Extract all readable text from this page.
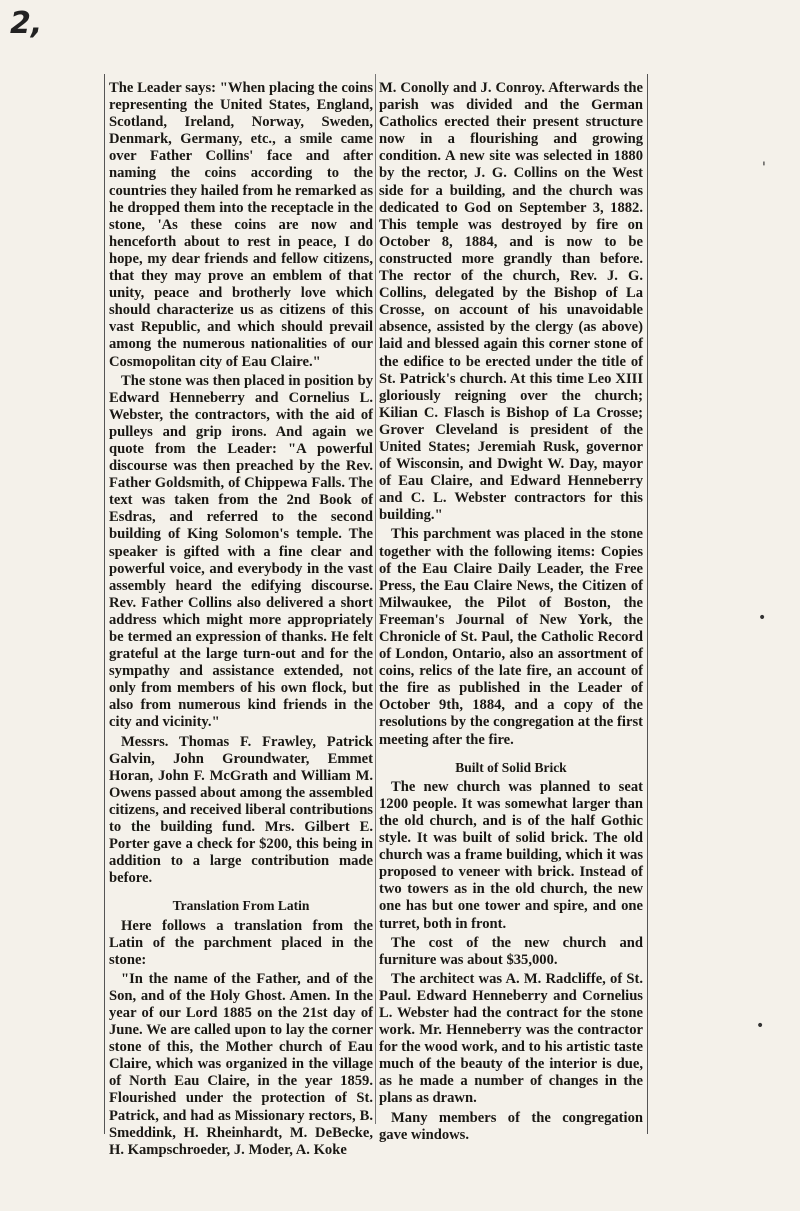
2,

The Leader says: "When placing the coins representing the United States, England, Scotland, Ireland, Norway, Sweden, Denmark, Germany, etc., a smile came over Father Collins' face and after naming the coins according to the countries they hailed from he remarked as he dropped them into the receptacle in the stone, 'As these coins are now and henceforth about to rest in peace, I do hope, my dear friends and fellow citizens, that they may prove an emblem of that unity, peace and brotherly love which should characterize us as citizens of this vast Republic, and which should prevail among the numerous nationalities of our Cosmopolitan city of Eau Claire."

The stone was then placed in position by Edward Henneberry and Cornelius L. Webster, the contractors, with the aid of pulleys and grip irons. And again we quote from the Leader: "A powerful discourse was then preached by the Rev. Father Goldsmith, of Chippewa Falls. The text was taken from the 2nd Book of Esdras, and referred to the second building of King Solomon's temple. The speaker is gifted with a fine clear and powerful voice, and everybody in the vast assembly heard the edifying discourse. Rev. Father Collins also delivered a short address which might more appropriately be termed an expression of thanks. He felt grateful at the large turn-out and for the sympathy and assistance extended, not only from members of his own flock, but also from numerous kind friends in the city and vicinity."

Messrs. Thomas F. Frawley, Patrick Galvin, John Groundwater, Emmet Horan, John F. McGrath and William M. Owens passed about among the assembled citizens, and received liberal contributions to the building fund. Mrs. Gilbert E. Porter gave a check for $200, this being in addition to a large contribution made before.

Translation From Latin

Here follows a translation from the Latin of the parchment placed in the stone:

"In the name of the Father, and of the Son, and of the Holy Ghost. Amen. In the year of our Lord 1885 on the 21st day of June. We are called upon to lay the corner stone of this, the Mother church of Eau Claire, which was organized in the village of North Eau Claire, in the year 1859. Flourished under the protection of St. Patrick, and had as Missionary rectors, B. Smeddink, H. Rheinhardt, M. DeBecke, H. Kampschroeder, J. Moder, A. Koke

M. Conolly and J. Conroy. Afterwards the parish was divided and the German Catholics erected their present structure now in a flourishing and growing condition. A new site was selected in 1880 by the rector, J. G. Collins on the West side for a building, and the church was dedicated to God on September 3, 1882. This temple was destroyed by fire on October 8, 1884, and is now to be constructed more grandly than before. The rector of the church, Rev. J. G. Collins, delegated by the Bishop of La Crosse, on account of his unavoidable absence, assisted by the clergy (as above) laid and blessed again this corner stone of the edifice to be erected under the title of St. Patrick's church. At this time Leo XIII gloriously reigning over the church; Kilian C. Flasch is Bishop of La Crosse; Grover Cleveland is president of the United States; Jeremiah Rusk, governor of Wisconsin, and Dwight W. Day, mayor of Eau Claire, and Edward Henneberry and C. L. Webster contractors for this building."

This parchment was placed in the stone together with the following items: Copies of the Eau Claire Daily Leader, the Free Press, the Eau Claire News, the Citizen of Milwaukee, the Pilot of Boston, the Freeman's Journal of New York, the Chronicle of St. Paul, the Catholic Record of London, Ontario, also an assortment of coins, relics of the late fire, an account of the fire as published in the Leader of October 9th, 1884, and a copy of the resolutions by the congregation at the first meeting after the fire.

Built of Solid Brick

The new church was planned to seat 1200 people. It was somewhat larger than the old church, and is of the half Gothic style. It was built of solid brick. The old church was a frame building, which it was proposed to veneer with brick. Instead of two towers as in the old church, the new one has but one tower and spire, and one turret, both in front.

The cost of the new church and furniture was about $35,000.

The architect was A. M. Radcliffe, of St. Paul. Edward Henneberry and Cornelius L. Webster had the contract for the stone work. Mr. Henneberry was the contractor for the wood work, and to his artistic taste much of the beauty of the interior is due, as he made a number of changes in the plans as drawn.

Many members of the congregation gave windows.

'
•
•
